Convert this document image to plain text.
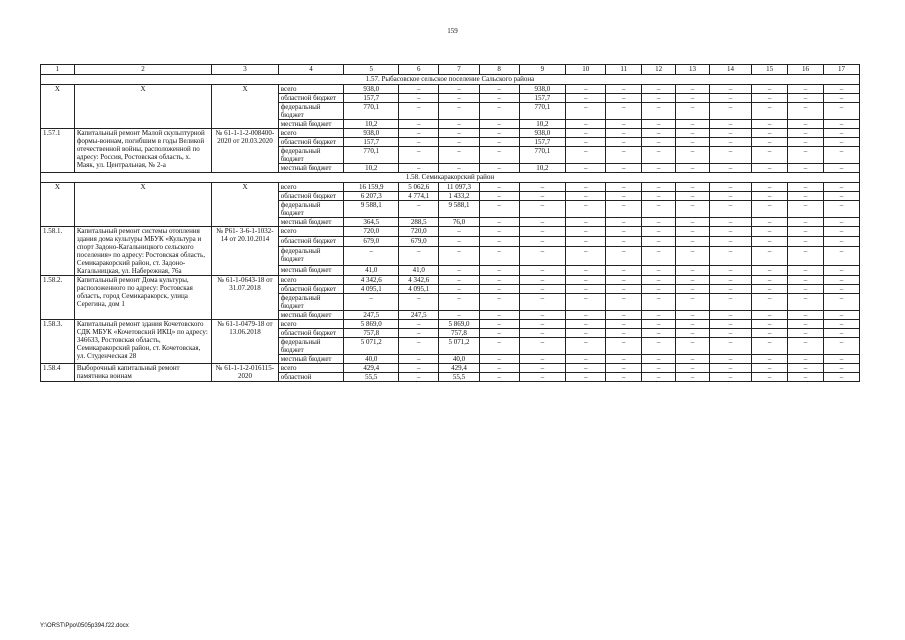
159
1	2	3	4	5	6	7	8	9	10	11	12	13	14	15	16	17
1.57. Рыбасовское сельское поселение Сальского района																
X	X	X	всего	938,0	–	–	–	938,0	–	–	–	–	–	–	–	–
			областной бюджет	157,7	–	–	–	157,7	–	–	–	–	–	–	–	–
			федеральный бюджет	770,1	–	–	–	770,1	–	–	–	–	–	–	–	–
			местный бюджет	10,2	–	–	–	10,2	–	–	–	–	–	–	–	–
1.57.1	Капитальный ремонт Малой скульптурной формы-воинам, погибшим в годы Великой отечественной войны, расположенной по адресу: Россия, Ростовская область, х. Маяк, ул. Центральная, № 2-а	№ 61-1-1-2-008400-2020 от 20.03.2020	всего	938,0	–	–	–	938,0	–	–	–	–	–	–	–	–
			областной бюджет	157,7	–	–	–	157,7	–	–	–	–	–	–	–	–
			федеральный бюджет	770,1	–	–	–	770,1	–	–	–	–	–	–	–	–
			местный бюджет	10,2	–	–	–	10,2	–	–	–	–	–	–	–	–
1.58. Семикаракорский район																
X	X	X	всего	16 159,9	5 062,6	11 097,3	–	–	–	–	–	–	–	–	–	–
			областной бюджет	6 207,3	4 774,1	1 433,2	–	–	–	–	–	–	–	–	–	–
			федеральный бюджет	9 588,1	–	9 588,1	–	–	–	–	–	–	–	–	–	–
			местный бюджет	364,5	288,5	76,0	–	–	–	–	–	–	–	–	–	–
1.58.1.	Капитальный ремонт системы отопления здания дома культуры МБУК «Культура и спорт Задоно-Кагальницкого сельского поселения» по адресу: Ростовская область, Семикаракорский район, ст. Задоно-Кагальницкая, ул. Набережная, 76а	№ Р61- 3-6-1-1032-14 от 20.10.2014	всего	720,0	720,0	–	–	–	–	–	–	–	–	–	–	–
			областной бюджет	679,0	679,0	–	–	–	–	–	–	–	–	–	–	–
			федеральный бюджет	–	–	–	–	–	–	–	–	–	–	–	–	–
			местный бюджет	41,0	41,0	–	–	–	–	–	–	–	–	–	–	–
1.58.2.	Капитальный ремонт Дома культуры, расположенного по адресу: Ростовская область, город Семикаракорск, улица Серегина, дом 1	№ 61-1-0643-18 от 31.07.2018	всего	4 342,6	4 342,6	–	–	–	–	–	–	–	–	–	–	–
			областной бюджет	4 095,1	4 095,1	–	–	–	–	–	–	–	–	–	–	–
			федеральный бюджет	–	–	–	–	–	–	–	–	–	–	–	–	–
			местный бюджет	247,5	247,5	–	–	–	–	–	–	–	–	–	–	–
1.58.3.	Капитальный ремонт здания Кочетовского СДК МБУК «Кочетовский ИКЦ» по адресу: 346633, Ростовская область, Семикаракорский район, ст. Кочетовская, ул. Студенческая 28	№ 61-1-0479-18 от 13.06.2018	всего	5 869,0	–	5 869,0	–	–	–	–	–	–	–	–	–	–
			областной бюджет	757,8	–	757,8	–	–	–	–	–	–	–	–	–	–
			федеральный бюджет	5 071,2	–	5 071,2	–	–	–	–	–	–	–	–	–	–
			местный бюджет	40,0	–	40,0	–	–	–	–	–	–	–	–	–	–
1.58.4	Выборочный капитальный ремонт памятника воинам	№ 61-1-1-2-016115-2020	всего	429,4	–	429,4	–	–	–	–	–	–	–	–	–	–
			областной	55,5	–	55,5	–	–	–	–	–	–	–	–	–	–
Y:\ORST\Ppo\0505p394.f22.docx
